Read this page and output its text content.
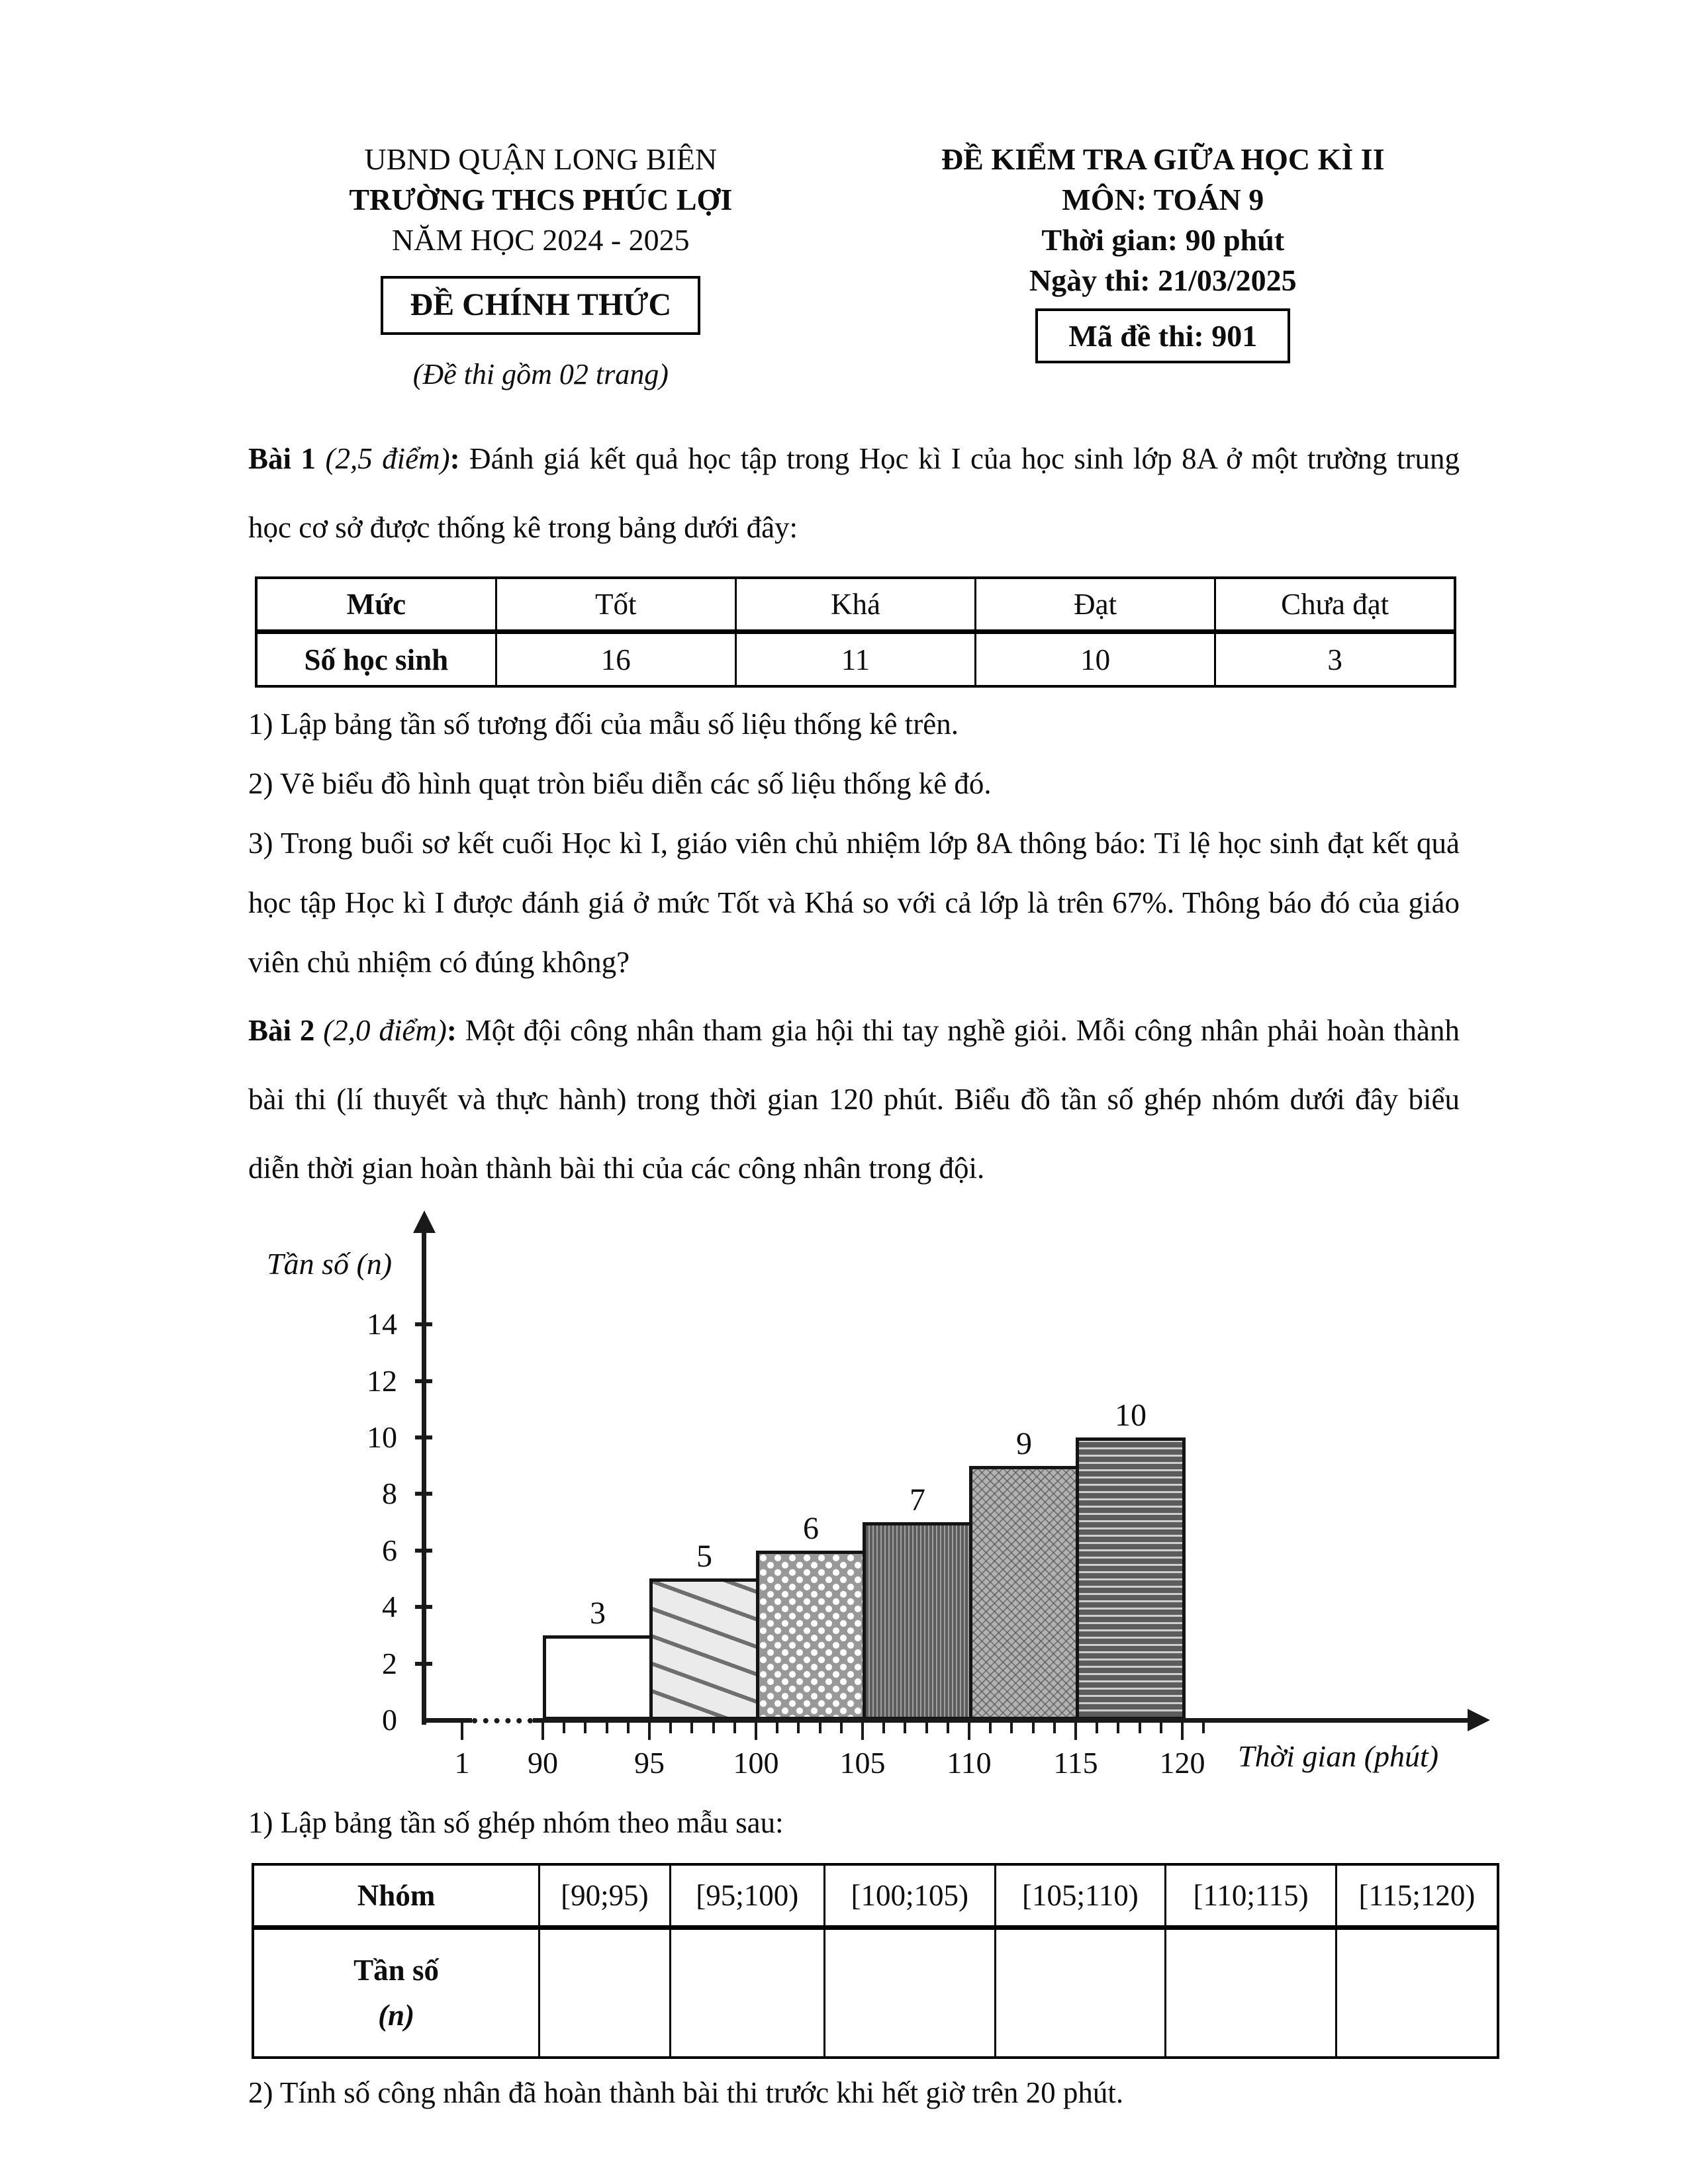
UBND QUẬN LONG BIÊN
TRƯỜNG THCS PHÚC LỢI
NĂM HỌC 2024 - 2025
ĐỀ CHÍNH THỨC
(Đề thi gồm 02 trang)
ĐỀ KIỂM TRA GIỮA HỌC KÌ II
MÔN: TOÁN 9
Thời gian: 90 phút
Ngày thi: 21/03/2025
Mã đề thi: 901

Bài 1 (2,5 điểm): Đánh giá kết quả học tập trong Học kì I của học sinh lớp 8A ở một trường trung học cơ sở được thống kê trong bảng dưới đây:

Mức	Tốt	Khá	Đạt	Chưa đạt
Số học sinh	16	11	10	3

1) Lập bảng tần số tương đối của mẫu số liệu thống kê trên.

2) Vẽ biểu đồ hình quạt tròn biểu diễn các số liệu thống kê đó.

3) Trong buổi sơ kết cuối Học kì I, giáo viên chủ nhiệm lớp 8A thông báo: Tỉ lệ học sinh đạt kết quả học tập Học kì I được đánh giá ở mức Tốt và Khá so với cả lớp là trên 67%. Thông báo đó của giáo viên chủ nhiệm có đúng không?

Bài 2 (2,0 điểm): Một đội công nhân tham gia hội thi tay nghề giỏi. Mỗi công nhân phải hoàn thành bài thi (lí thuyết và thực hành) trong thời gian 120 phút. Biểu đồ tần số ghép nhóm dưới đây biểu diễn thời gian hoàn thành bài thi của các công nhân trong đội.

Tần số (n)
3
5
6
7
9
10
Thời gian (phút)
0
2
4
6
8
10
12
14
1	90	95	100	105	110	115	120

1) Lập bảng tần số ghép nhóm theo mẫu sau:

Nhóm	[90;95)	[95;100)	[100;105)	[105;110)	[110;115)	[115;120)

Tần số
(n)						

2) Tính số công nhân đã hoàn thành bài thi trước khi hết giờ trên 20 phút.
